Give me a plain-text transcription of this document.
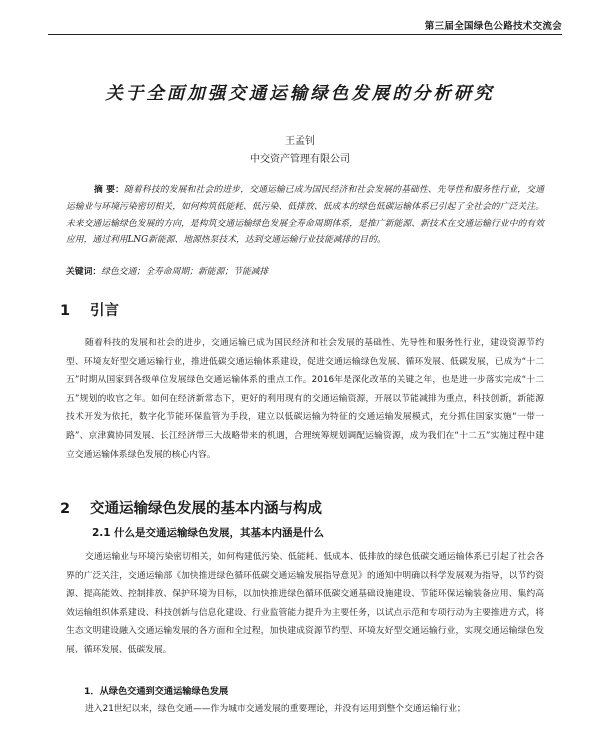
第三届全国绿色公路技术交流会
关于全面加强交通运输绿色发展的分析研究
王孟钊
中交资产管理有限公司
摘 要：随着科技的发展和社会的进步，交通运输已成为国民经济和社会发展的基础性、先导性和服务性行业，交通运输业与环境污染密切相关，如何构筑低能耗、低污染、低排放、低成本的绿色低碳运输体系已引起了全社会的广泛关注。未来交通运输绿色发展的方向，是构筑交通运输绿色发展全寿命周期体系，是推广新能源、新技术在交通运输行业中的有效应用，通过利用LNG新能源、地源热泵技术，达到交通运输行业技能减排的目的。
关键词：绿色交通；全寿命周期；新能源；节能减排
1 引言
随着科技的发展和社会的进步，交通运输已成为国民经济和社会发展的基础性、先导性和服务性行业，建设资源节约型、环境友好型交通运输行业，推进低碳交通运输体系建设，促进交通运输绿色发展、循环发展、低碳发展，已成为“十二五”时期从国家到各级单位发展绿色交通运输体系的重点工作。2016年是深化改革的关键之年，也是进一步落实完成“十二五”规划的收官之年。如何在经济新常态下，更好的利用现有的交通运输资源，开展以节能减排为重点，科技创新，新能源技术开发为依托，数字化节能环保监管为手段，建立以低碳运输为特征的交通运输发展模式，充分抓住国家实施“一带一路”、京津冀协同发展、长江经济带三大战略带来的机遇，合理统筹规划调配运输资源，成为我们在“十二五”实施过程中建立交通运输体系绿色发展的核心内容。
2 交通运输绿色发展的基本内涵与构成
2.1 什么是交通运输绿色发展，其基本内涵是什么
交通运输业与环境污染密切相关，如何构建低污染、低能耗、低成本、低排放的绿色低碳交通运输体系已引起了社会各界的广泛关注，交通运输部《加快推进绿色循环低碳交通运输发展指导意见》的通知中明确以科学发展观为指导，以节约资源、提高能效、控制排放、保护环境为目标，以加快推进绿色循环低碳交通基础设施建设、节能环保运输装备应用、集约高效运输组织体系建设、科技创新与信息化建设、行业监管能力提升为主要任务，以试点示范和专项行动为主要推进方式，将生态文明建设融入交通运输发展的各方面和全过程，加快建成资源节约型、环境友好型交通运输行业，实现交通运输绿色发展、循环发展、低碳发展。
1．从绿色交通到交通运输绿色发展
进入21世纪以来，绿色交通——作为城市交通发展的重要理论，并没有运用到整个交通运输行业；
